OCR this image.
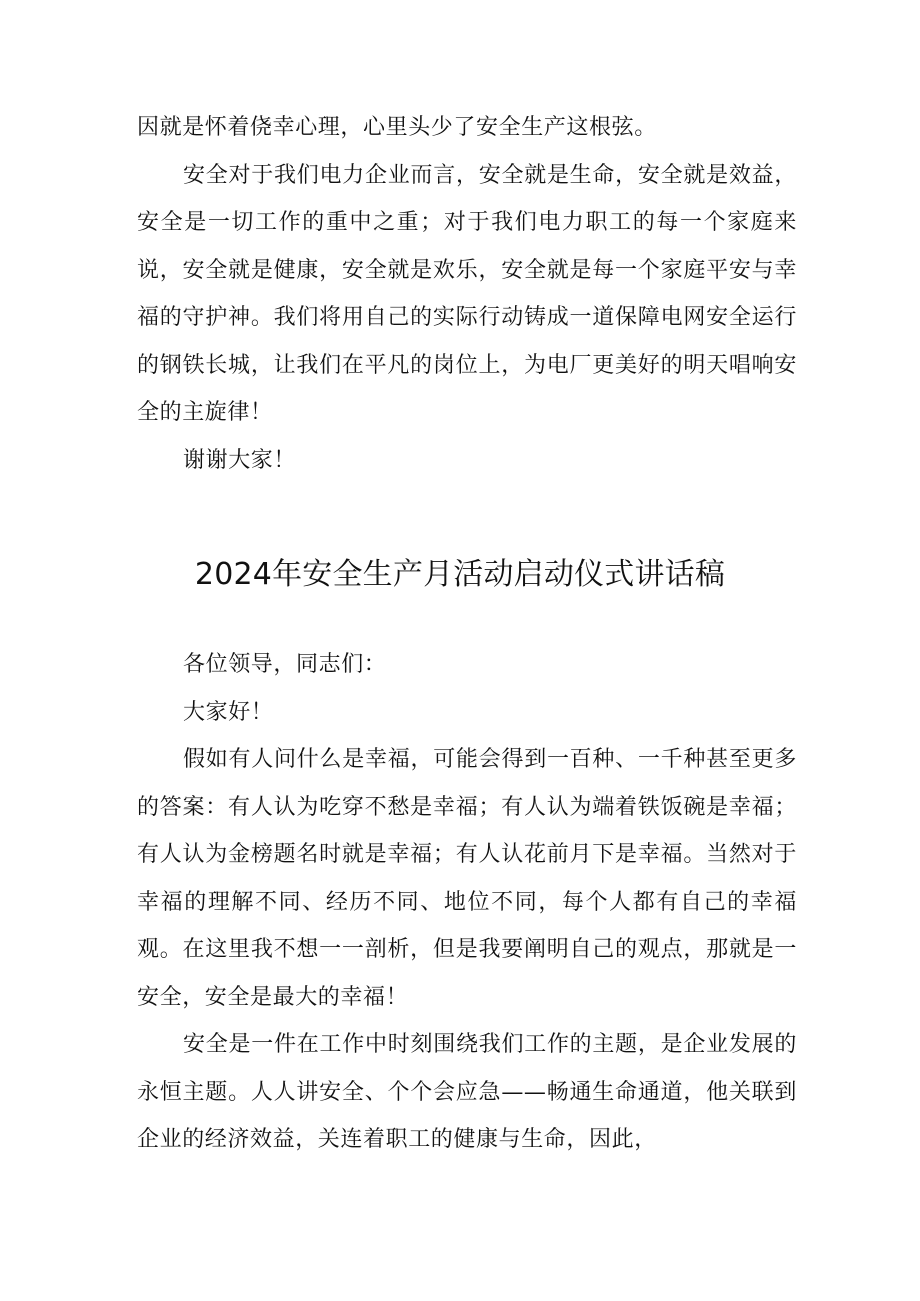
因就是怀着侥幸心理，心里头少了安全生产这根弦。

安全对于我们电力企业而言，安全就是生命，安全就是效益，安全是一切工作的重中之重；对于我们电力职工的每一个家庭来说，安全就是健康，安全就是欢乐，安全就是每一个家庭平安与幸福的守护神。我们将用自己的实际行动铸成一道保障电网安全运行的钢铁长城，让我们在平凡的岗位上，为电厂更美好的明天唱响安全的主旋律！

谢谢大家！

2024年安全生产月活动启动仪式讲话稿

各位领导，同志们：

大家好！

假如有人问什么是幸福，可能会得到一百种、一千种甚至更多的答案：有人认为吃穿不愁是幸福；有人认为端着铁饭碗是幸福；有人认为金榜题名时就是幸福；有人认花前月下是幸福。当然对于幸福的理解不同、经历不同、地位不同，每个人都有自己的幸福观。在这里我不想一一剖析，但是我要阐明自己的观点，那就是一安全，安全是最大的幸福！

安全是一件在工作中时刻围绕我们工作的主题，是企业发展的永恒主题。人人讲安全、个个会应急——畅通生命通道，他关联到企业的经济效益，关连着职工的健康与生命，因此，
